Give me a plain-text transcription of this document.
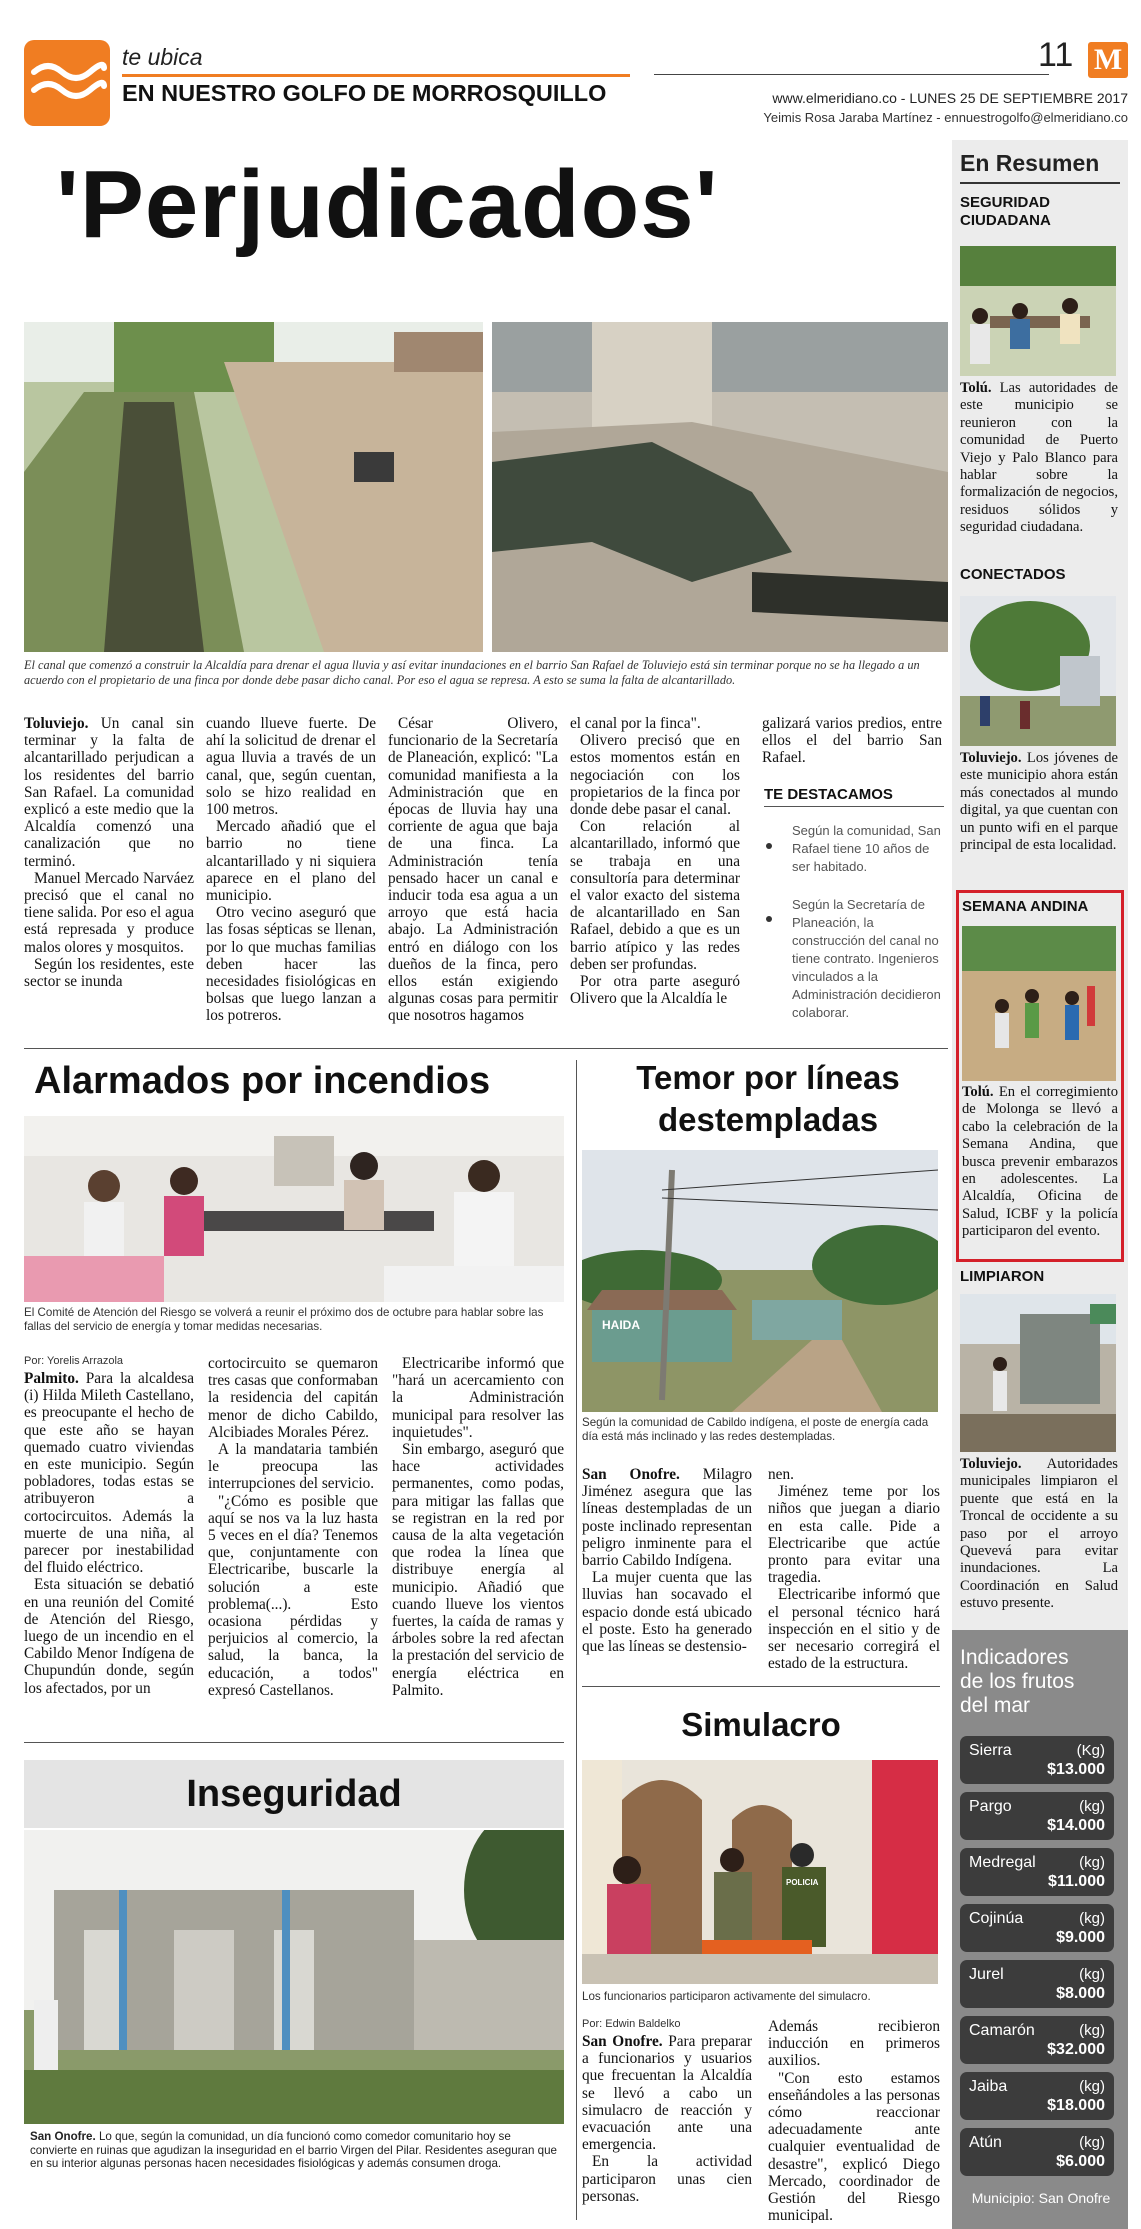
te ubica
EN NUESTRO GOLFO DE MORROSQUILLO
11 M
www.elmeridiano.co - LUNES 25 DE SEPTIEMBRE 2017
Yeimis Rosa Jaraba Martínez - ennuestrogolfo@elmeridiano.co
'Perjudicados'
El canal que comenzó a construir la Alcaldía para drenar el agua lluvia y así evitar inundaciones en el barrio San Rafael de Toluviejo está sin terminar porque no se ha llegado a un acuerdo con el propietario de una finca por donde debe pasar dicho canal. Por eso el agua se represa. A esto se suma la falta de alcantarillado.

Toluviejo. Un canal sin terminar y la falta de alcantarillado perjudican a los residentes del barrio San Rafael. La comunidad explicó a este medio que la Alcaldía comenzó una canalización que no terminó.

Manuel Mercado Narváez precisó que el canal no tiene salida. Por eso el agua está represada y produce malos olores y mosquitos.

Según los residentes, este sector se inunda

cuando llueve fuerte. De ahí la solicitud de drenar el agua lluvia a través de un canal, que, según cuentan, solo se hizo realidad en 100 metros.

Mercado añadió que el barrio no tiene alcantarillado y ni siquiera aparece en el plano del municipio.

Otro vecino aseguró que las fosas sépticas se llenan, por lo que muchas familias deben hacer las necesidades fisiológicas en bolsas que luego lanzan a los potreros.

César Olivero, funcionario de la Secretaría de Planeación, explicó: "La comunidad manifiesta a la Administración que en épocas de lluvia hay una corriente de agua que baja de una finca. La Administración tenía pensado hacer un canal e inducir toda esa agua a un arroyo que está hacia abajo. La Administración entró en diálogo con los dueños de la finca, pero ellos están exigiendo algunas cosas para permitir que nosotros hagamos

el canal por la finca".

Olivero precisó que en estos momentos están en negociación con los propietarios de la finca por donde debe pasar el canal.

Con relación al alcantarillado, informó que se trabaja en una consultoría para determinar el valor exacto del sistema de alcantarillado en San Rafael, debido a que es un barrio atípico y las redes deben ser profundas.

Por otra parte aseguró Olivero que la Alcaldía le

galizará varios predios, entre ellos el del barrio San Rafael.

TE DESTACAMOS
Según la comunidad, San Rafael tiene 10 años de ser habitado.
Según la Secretaría de Planeación, la construcción del canal no tiene contrato. Ingenieros vinculados a la Administración decidieron colaborar.
Alarmados por incendios
El Comité de Atención del Riesgo se volverá a reunir el próximo dos de octubre para hablar sobre las fallas del servicio de energía y tomar medidas necesarias.
Por: Yorelis Arrazola

Palmito. Para la alcaldesa (i) Hilda Mileth Castellano, es preocupante el hecho de que este año se hayan quemado cuatro viviendas en este municipio. Según pobladores, todas estas se atribuyeron a cortocircuitos. Además la muerte de una niña, al parecer por inestabilidad del fluido eléctrico.

Esta situación se debatió en una reunión del Comité de Atención del Riesgo, luego de un incendio en el Cabildo Menor Indígena de Chupundún donde, según los afectados, por un

cortocircuito se quemaron tres casas que conformaban la residencia del capitán menor de dicho Cabildo, Alcibiades Morales Pérez.

A la mandataria también le preocupa las interrupciones del servicio.

"¿Cómo es posible que aquí se nos va la luz hasta 5 veces en el día? Tenemos que, conjuntamente con Electricaribe, buscarle la solución a este problema(...). Esto ocasiona pérdidas y perjuicios al comercio, la salud, la banca, la educación, a todos" expresó Castellanos.

Electricaribe informó que "hará un acercamiento con la Administración municipal para resolver las inquietudes".

Sin embargo, aseguró que hace actividades permanentes, como podas, para mitigar las fallas que se registran en la red por causa de la alta vegetación que rodea la línea que distribuye energía al municipio. Añadió que cuando llueve los vientos fuertes, la caída de ramas y árboles sobre la red afectan la prestación del servicio de energía eléctrica en Palmito.

Temor por líneas
destempladas
HAIDA
Según la comunidad de Cabildo indígena, el poste de energía cada día está más inclinado y las redes destempladas.

San Onofre. Milagro Jiménez asegura que las líneas destempladas de un poste inclinado representan peligro inminente para el barrio Cabildo Indígena.

La mujer cuenta que las lluvias han socavado el espacio donde está ubicado el poste. Esto ha generado que las líneas se destensio-

nen.

Jiménez teme por los niños que juegan a diario en esta calle. Pide a Electricaribe que actúe pronto para evitar una tragedia.

Electricaribe informó que el personal técnico hará inspección en el sitio y de ser necesario corregirá el estado de la estructura.

Inseguridad
San Onofre. Lo que, según la comunidad, un día funcionó como comedor comunitario hoy se convierte en ruinas que agudizan la inseguridad en el barrio Virgen del Pilar. Residentes aseguran que en su interior algunas personas hacen necesidades fisiológicas y además consumen droga.
Simulacro
POLICIA
Los funcionarios participaron activamente del simulacro.
Por: Edwin Baldelko

San Onofre. Para preparar a funcionarios y usuarios que frecuentan la Alcaldía se llevó a cabo un simulacro de reacción y evacuación ante una emergencia.

En la actividad participaron unas cien personas.

Además recibieron inducción en primeros auxilios.

"Con esto estamos enseñándoles a las personas cómo reaccionar adecuadamente ante cualquier eventualidad de desastre", explicó Diego Mercado, coordinador de Gestión del Riesgo municipal.

En Resumen
SEGURIDAD
CIUDADANA
Tolú. Las autoridades de este municipio se reunieron con la comunidad de Puerto Viejo y Palo Blanco para hablar sobre la formalización de negocios, residuos sólidos y seguridad ciudadana.
CONECTADOS
Toluviejo. Los jóvenes de este municipio ahora están más conectados al mundo digital, ya que cuentan con un punto wifi en el parque principal de esta localidad.
SEMANA ANDINA
Tolú. En el corregimiento de Molonga se llevó a cabo la celebración de la Semana Andina, que busca prevenir embarazos en adolescentes. La Alcaldía, Oficina de Salud, ICBF y la policía participaron del evento.
LIMPIARON
Toluviejo. Autoridades municipales limpiaron el puente que está en la Troncal de occidente a su paso por el arroyo Quevevá para evitar inundaciones. La Coordinación en Salud estuvo presente.
Indicadores
de los frutos
del mar
Sierra	(Kg)
$13.000
Pargo	(kg)
$14.000
Medregal	(kg)
$11.000
Cojinúa	(kg)
$9.000
Jurel	(kg)
$8.000
Camarón	(kg)
$32.000
Jaiba	(kg)
$18.000
Atún	(kg)
$6.000
Municipio: San Onofre
